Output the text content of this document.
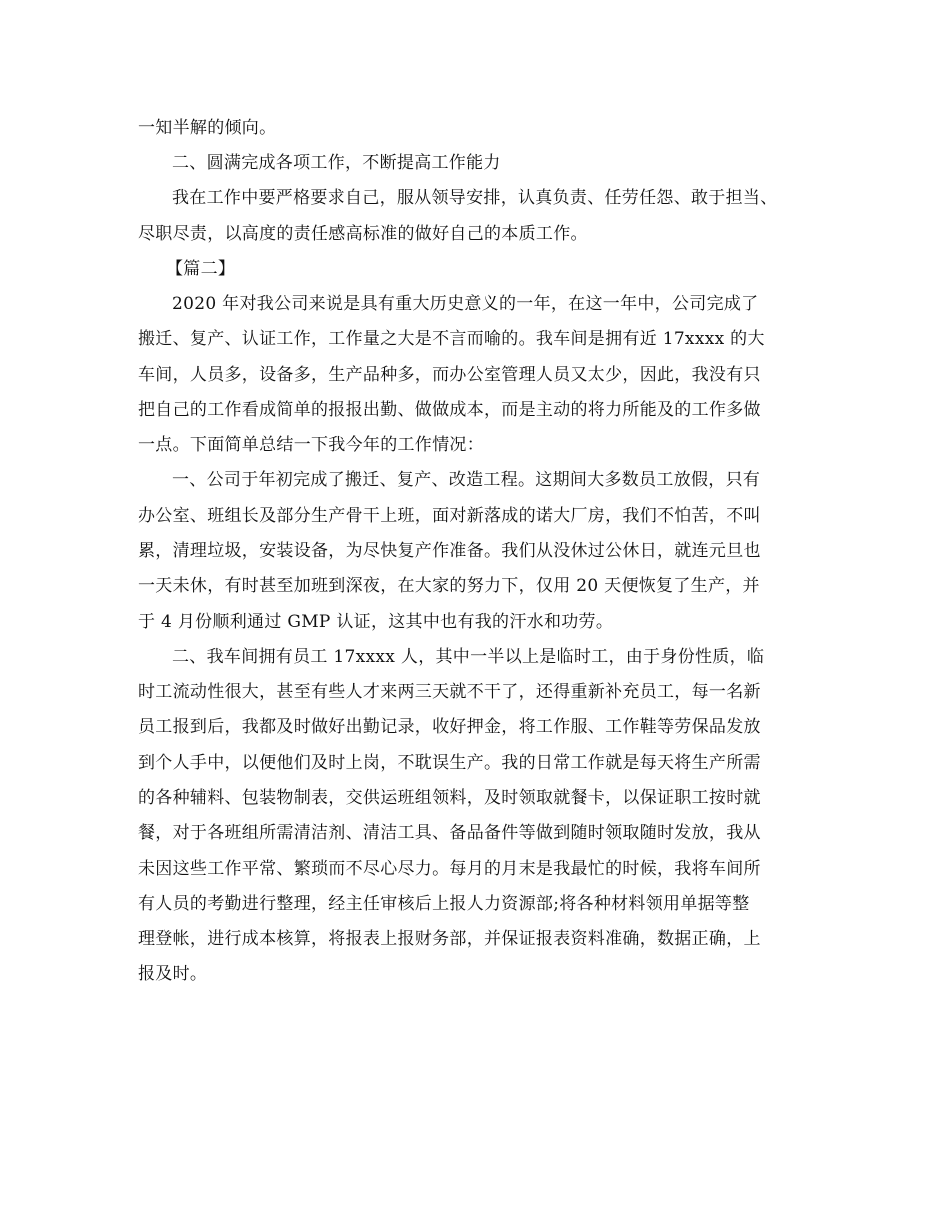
一知半解的倾向。
二、圆满完成各项工作，不断提高工作能力
我在工作中要严格要求自己，服从领导安排，认真负责、任劳任怨、敢于担当、
尽职尽责，以高度的责任感高标准的做好自己的本质工作。
【篇二】
2020 年对我公司来说是具有重大历史意义的一年，在这一年中，公司完成了
搬迁、复产、认证工作，工作量之大是不言而喻的。我车间是拥有近 17xxxx 的大
车间，人员多，设备多，生产品种多，而办公室管理人员又太少，因此，我没有只
把自己的工作看成简单的报报出勤、做做成本，而是主动的将力所能及的工作多做
一点。下面简单总结一下我今年的工作情况：
一、公司于年初完成了搬迁、复产、改造工程。这期间大多数员工放假，只有
办公室、班组长及部分生产骨干上班，面对新落成的诺大厂房，我们不怕苦，不叫
累，清理垃圾，安装设备，为尽快复产作准备。我们从没休过公休日，就连元旦也
一天未休，有时甚至加班到深夜，在大家的努力下，仅用 20 天便恢复了生产，并
于 4 月份顺利通过 GMP 认证，这其中也有我的汗水和功劳。
二、我车间拥有员工 17xxxx 人，其中一半以上是临时工，由于身份性质，临
时工流动性很大，甚至有些人才来两三天就不干了，还得重新补充员工，每一名新
员工报到后，我都及时做好出勤记录，收好押金，将工作服、工作鞋等劳保品发放
到个人手中，以便他们及时上岗，不耽误生产。我的日常工作就是每天将生产所需
的各种辅料、包装物制表，交供运班组领料，及时领取就餐卡，以保证职工按时就
餐，对于各班组所需清洁剂、清洁工具、备品备件等做到随时领取随时发放，我从
未因这些工作平常、繁琐而不尽心尽力。每月的月末是我最忙的时候，我将车间所
有人员的考勤进行整理，经主任审核后上报人力资源部;将各种材料领用单据等整
理登帐，进行成本核算，将报表上报财务部，并保证报表资料准确，数据正确，上
报及时。
